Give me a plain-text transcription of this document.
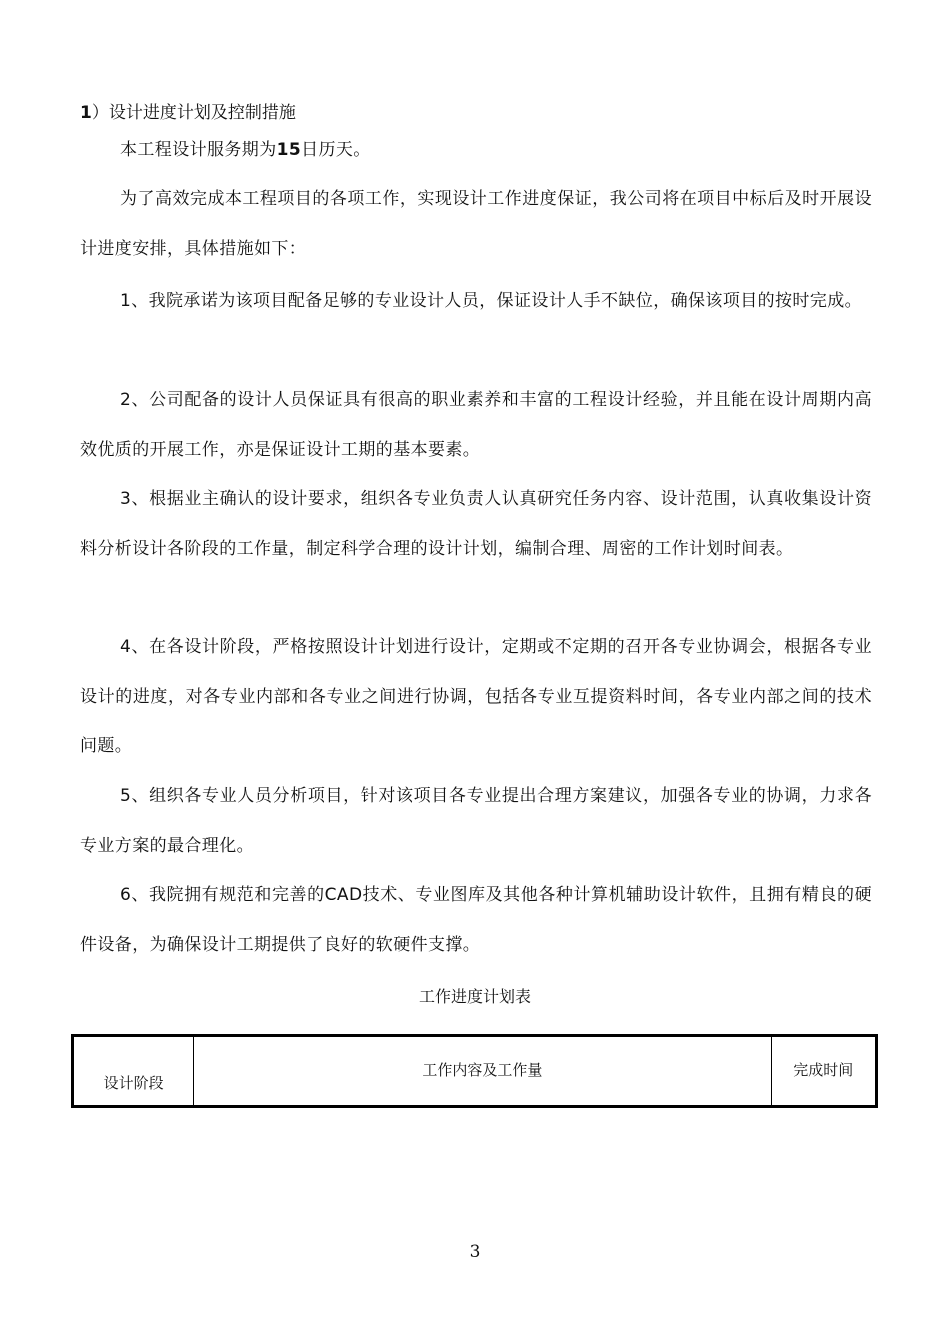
1）设计进度计划及控制措施
本工程设计服务期为15日历天。
为了高效完成本工程项目的各项工作，实现设计工作进度保证，我公司将在项目中标后及时开展设计进度安排，具体措施如下：
1、我院承诺为该项目配备足够的专业设计人员，保证设计人手不缺位，确保该项目的按时完成。
2、公司配备的设计人员保证具有很高的职业素养和丰富的工程设计经验，并且能在设计周期内高效优质的开展工作，亦是保证设计工期的基本要素。
3、根据业主确认的设计要求，组织各专业负责人认真研究任务内容、设计范围，认真收集设计资料分析设计各阶段的工作量，制定科学合理的设计计划，编制合理、周密的工作计划时间表。
4、在各设计阶段，严格按照设计计划进行设计，定期或不定期的召开各专业协调会，根据各专业设计的进度，对各专业内部和各专业之间进行协调，包括各专业互提资料时间，各专业内部之间的技术问题。
5、组织各专业人员分析项目，针对该项目各专业提出合理方案建议，加强各专业的协调，力求各专业方案的最合理化。
6、我院拥有规范和完善的CAD技术、专业图库及其他各种计算机辅助设计软件，且拥有精良的硬件设备，为确保设计工期提供了良好的软硬件支撑。
工作进度计划表
设计阶段	工作内容及工作量	完成时间
3
